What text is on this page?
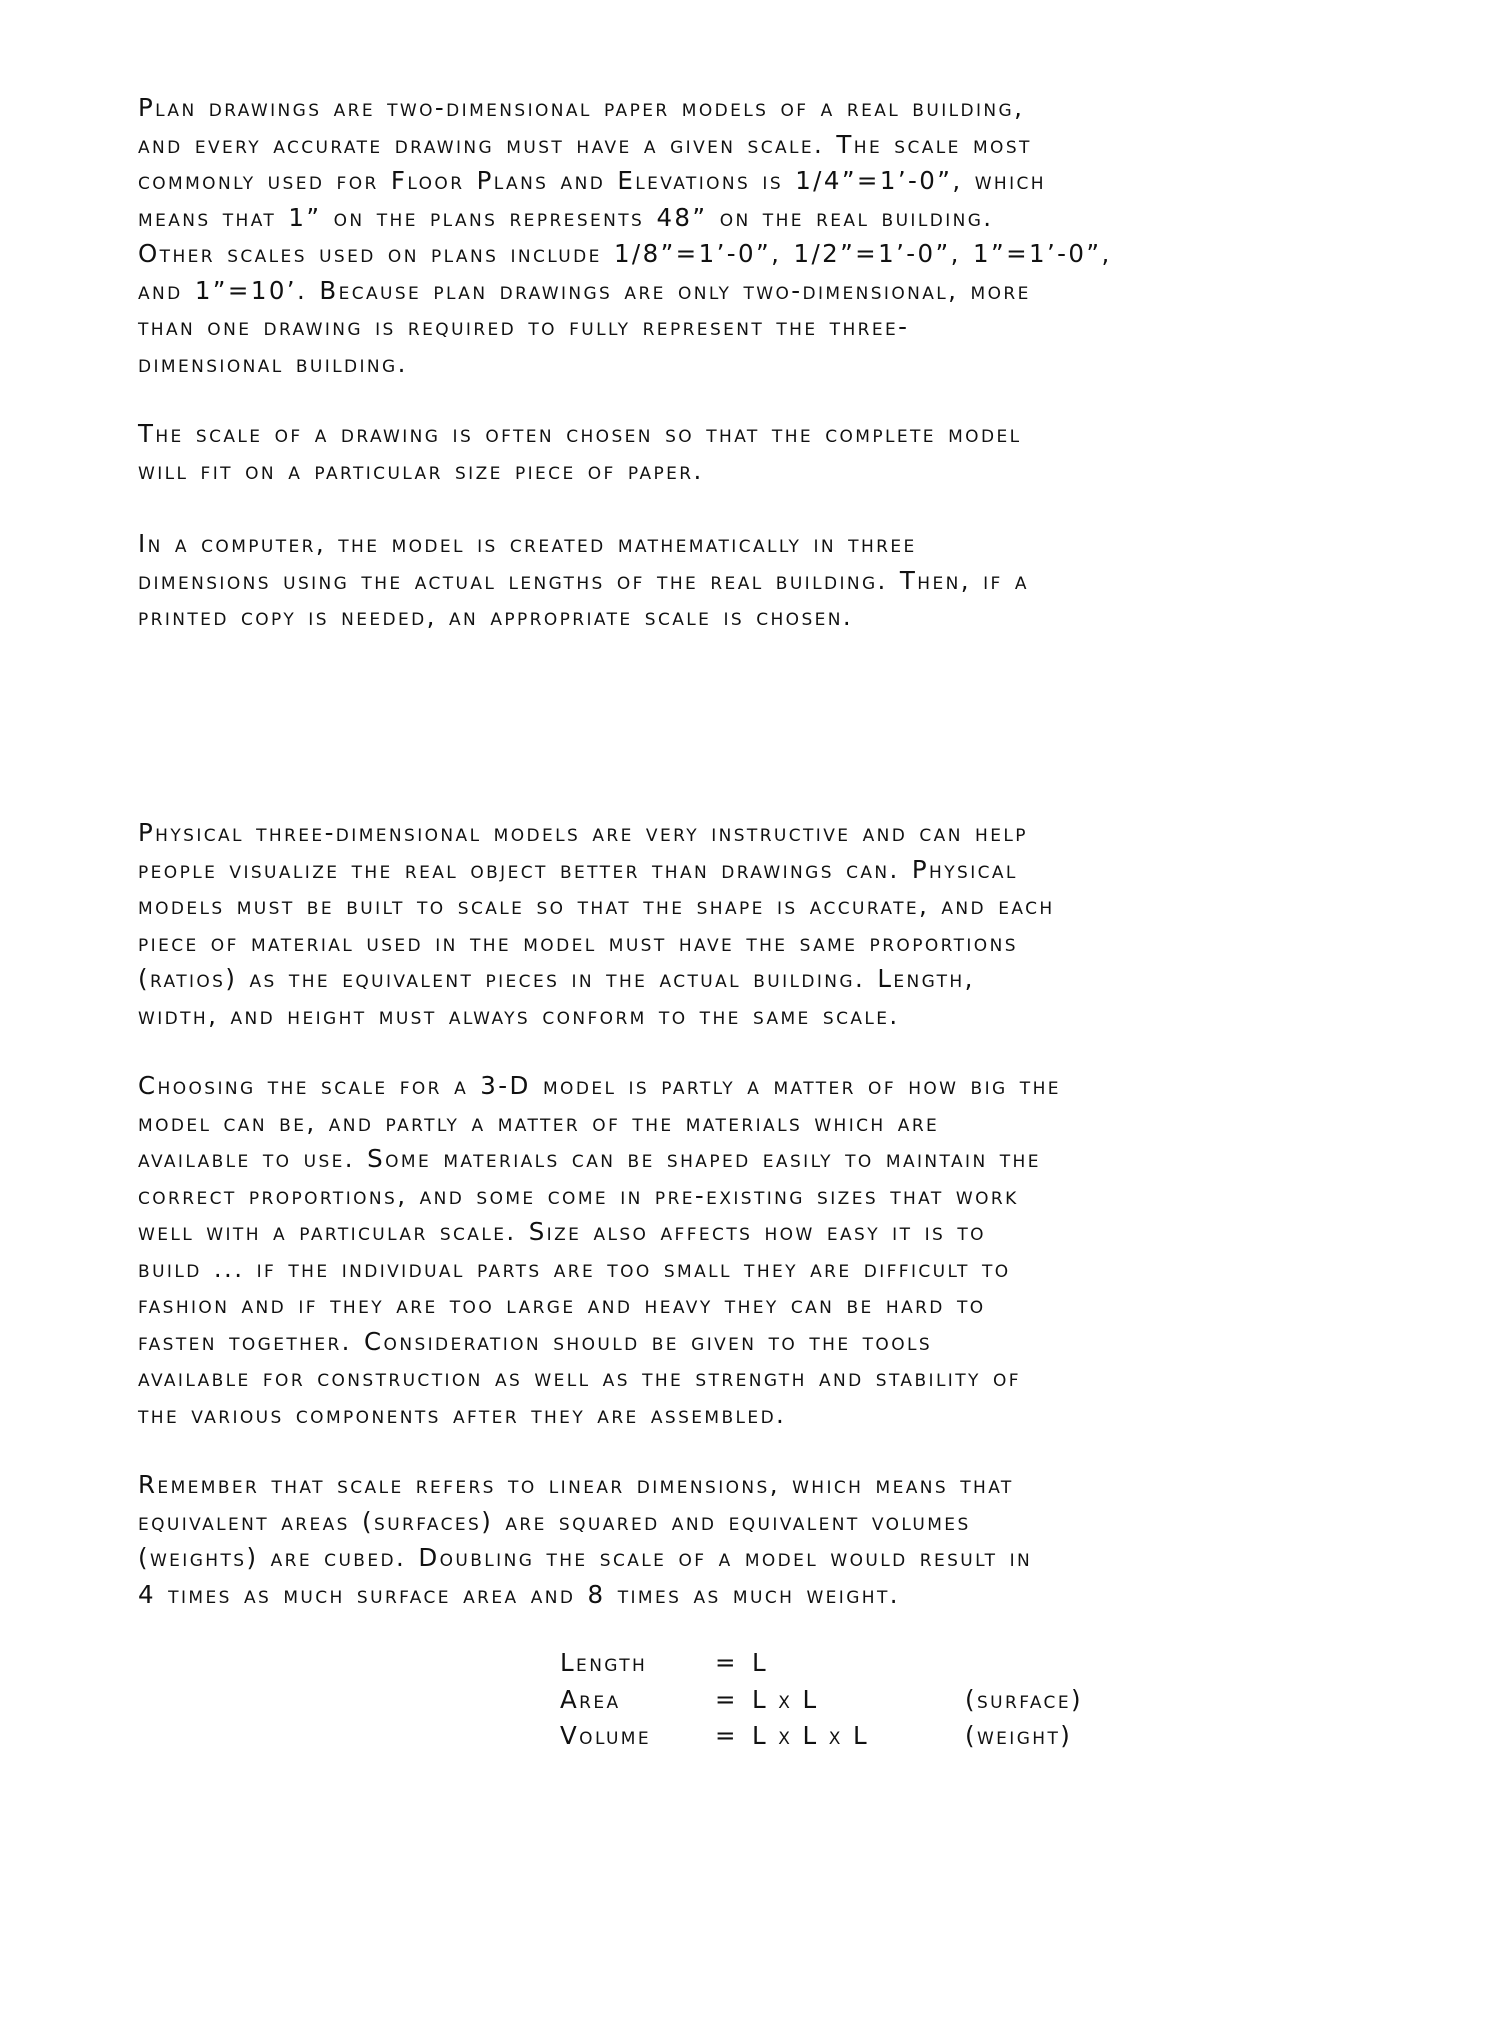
Plan drawings are two-dimensional paper models of a real building,
and every accurate drawing must have a given scale. The scale most
commonly used for Floor Plans and Elevations is 1/4”=1’-0”, which
means that 1” on the plans represents 48” on the real building.
Other scales used on plans include 1/8”=1’-0”, 1/2”=1’-0”, 1”=1’-0”,
and 1”=10’. Because plan drawings are only two-dimensional, more
than one drawing is required to fully represent the three-
dimensional building.

The scale of a drawing is often chosen so that the complete model
will fit on a particular size piece of paper.

In a computer, the model is created mathematically in three
dimensions using the actual lengths of the real building. Then, if a
printed copy is needed, an appropriate scale is chosen.

Physical three-dimensional models are very instructive and can help
people visualize the real object better than drawings can. Physical
models must be built to scale so that the shape is accurate, and each
piece of material used in the model must have the same proportions
(ratios) as the equivalent pieces in the actual building. Length,
width, and height must always conform to the same scale.

Choosing the scale for a 3-D model is partly a matter of how big the
model can be, and partly a matter of the materials which are
available to use. Some materials can be shaped easily to maintain the
correct proportions, and some come in pre-existing sizes that work
well with a particular scale. Size also affects how easy it is to
build ... if the individual parts are too small they are difficult to
fashion and if they are too large and heavy they can be hard to
fasten together. Consideration should be given to the tools
available for construction as well as the strength and stability of
the various components after they are assembled.

Remember that scale refers to linear dimensions, which means that
equivalent areas (surfaces) are squared and equivalent volumes
(weights) are cubed. Doubling the scale of a model would result in
4 times as much surface area and 8 times as much weight.

Length	= L
Area	= L x L	(surface)
Volume	= L x L x L	(weight)
